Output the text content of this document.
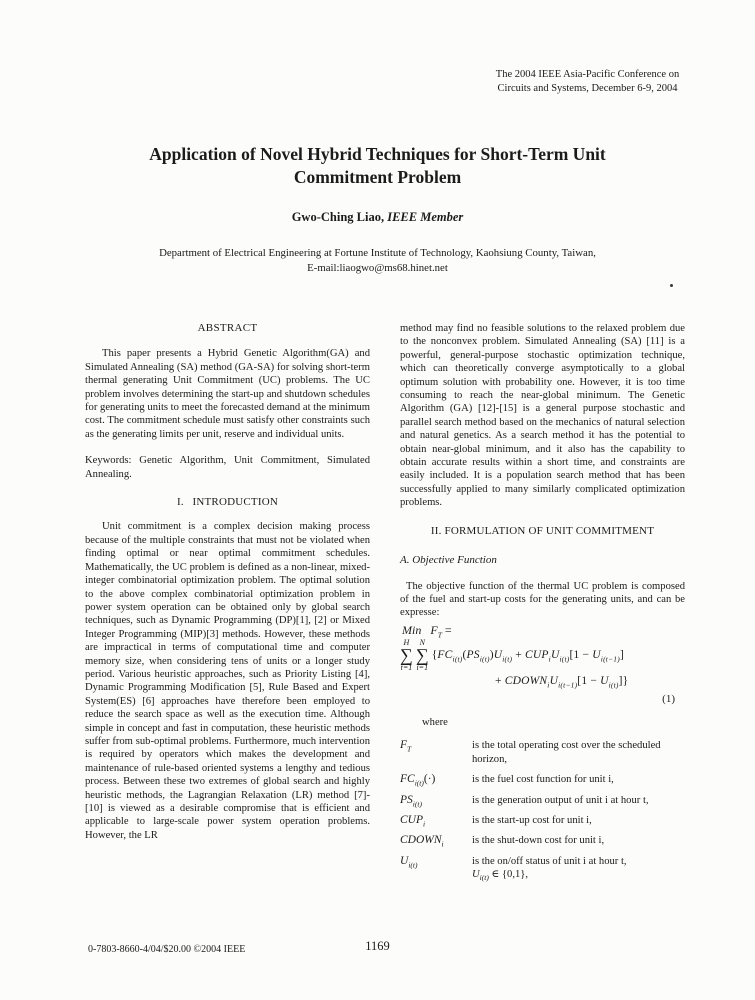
The 2004 IEEE Asia-Pacific Conference on
Circuits and Systems, December 6-9, 2004
Application of Novel Hybrid Techniques for Short-Term Unit
Commitment Problem
Gwo-Ching Liao, IEEE Member
Department of Electrical Engineering at Fortune Institute of Technology, Kaohsiung County, Taiwan,
E-mail:liaogwo@ms68.hinet.net
ABSTRACT

This paper presents a Hybrid Genetic Algorithm(GA) and Simulated Annealing (SA) method (GA-SA) for solving short-term thermal generating Unit Commitment (UC) problems. The UC problem involves determining the start-up and shutdown schedules for generating units to meet the forecasted demand at the minimum cost. The commitment schedule must satisfy other constraints such as the generating limits per unit, reserve and individual units.

Keywords: Genetic Algorithm, Unit Commitment, Simulated Annealing.

I.  INTRODUCTION

Unit commitment is a complex decision making process because of the multiple constraints that must not be violated when finding optimal or near optimal commitment schedules. Mathematically, the UC problem is defined as a non-linear, mixed-integer combinatorial optimization problem. The optimal solution to the above complex combinatorial optimization problem in power system operation can be obtained only by global search techniques, such as Dynamic Programming (DP)[1], [2] or Mixed Integer Programming (MIP)[3] methods. However, these methods are impractical in terms of computational time and computer memory size, when considering tens of units or a longer study period. Various heuristic approaches, such as Priority Listing [4], Dynamic Programming Modification [5], Rule Based and Expert System(ES) [6] approaches have therefore been employed to reduce the search space as well as the execution time. Although simple in concept and fast in computation, these heuristic methods suffer from sub-optimal problems. Furthermore, much intervention is required by operators which makes the development and maintenance of rule-based oriented systems a lengthy and tedious process. Between these two extremes of global search and highly heuristic methods, the Lagrangian Relaxation (LR) method [7]-[10] is viewed as a desirable compromise that is efficient and applicable to large-scale power system operation problems. However, the LR

method may find no feasible solutions to the relaxed problem due to the nonconvex problem. Simulated Annealing (SA) [11] is a powerful, general-purpose stochastic optimization technique, which can theoretically converge asymptotically to a global optimum solution with probability one. However, it is too time consuming to reach the near-global minimum. The Genetic Algorithm (GA) [12]-[15] is a general purpose stochastic and parallel search method based on the mechanics of natural selection and natural genetics. As a search method it has the potential to obtain near-global minimum, and it also has the capability to obtain accurate results within a short time, and constraints are easily included. It is a population search method that has been successfully applied to many similarly complicated optimization problems.

II. FORMULATION OF UNIT COMMITMENT
A. Objective Function

The objective function of the thermal UC problem is composed of the fuel and start-up costs for the generating units, and can be expresse:

Min  $F_T$ =
H
∑
t=1
N
∑
i=1
{$FC_{i(t)}(PS_{i(t)})U_{i(t)} + CUP_iU_{i(t)}[1 - U_{i(t-1)}]$
+ $CDOWN_iU_{i(t-1)}[1 - U_{i(t)}]$}
(1)
where
$F_T$	is the total operating cost over the scheduled horizon,
$FC_{i(t)}(\cdot)$	is the fuel cost function for unit i,
$PS_{i(t)}$	is the generation output of unit i at hour t,
$CUP_i$	is the start-up cost for unit i,
$CDOWN_i$	is the shut-down cost for unit i,
$U_{i(t)}$	is the on/off status of unit i at hour t,
$U_{i(t)}$ ∈ {0,1},
0-7803-8660-4/04/$20.00 ©2004 IEEE	1169
